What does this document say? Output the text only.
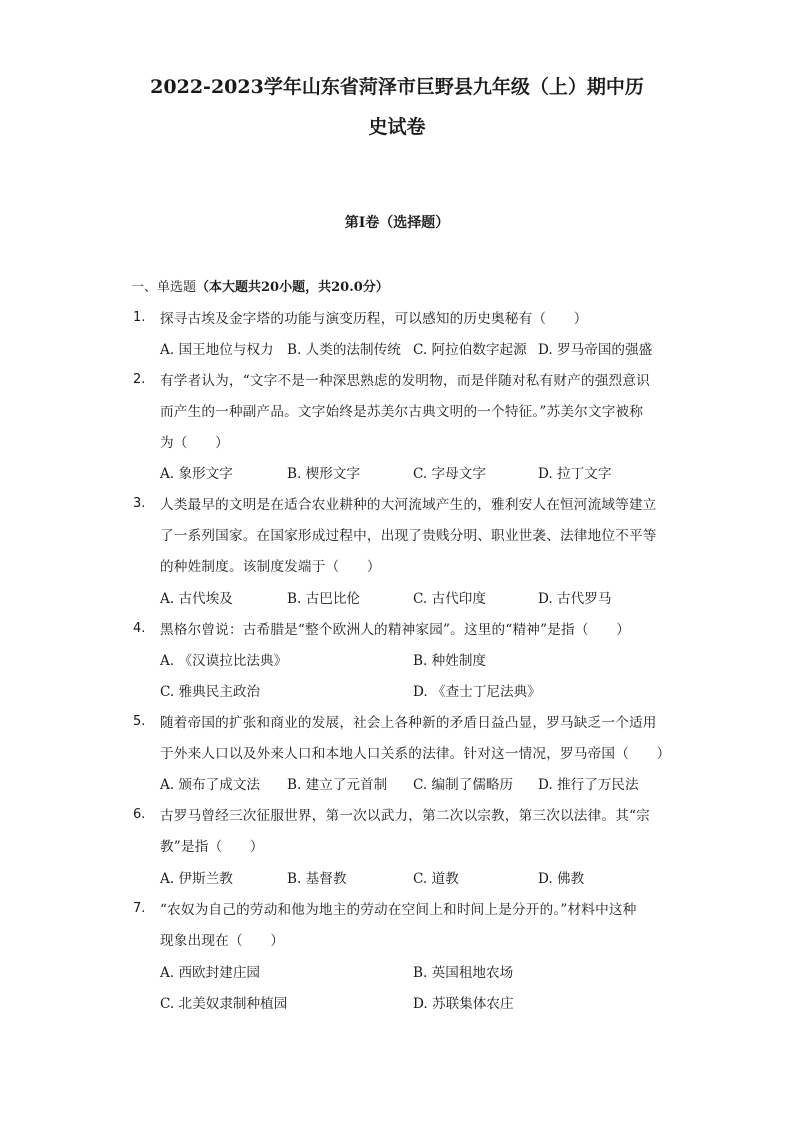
2022-2023学年山东省菏泽市巨野县九年级（上）期中历
史试卷
第I卷（选择题）
一、单选题（本大题共20小题，共20.0分）
1. 探寻古埃及金字塔的功能与演变历程，可以感知的历史奥秘有（　　）
A. 国王地位与权力 B. 人类的法制传统 C. 阿拉伯数字起源 D. 罗马帝国的强盛
2. 有学者认为，“文字不是一种深思熟虑的发明物，而是伴随对私有财产的强烈意识
而产生的一种副产品。文字始终是苏美尔古典文明的一个特征。”苏美尔文字被称
为（　　）
A. 象形文字	B. 楔形文字	C. 字母文字	D. 拉丁文字
3. 人类最早的文明是在适合农业耕种的大河流域产生的，雅利安人在恒河流域等建立
了一系列国家。在国家形成过程中，出现了贵贱分明、职业世袭、法律地位不平等
的种姓制度。该制度发端于（　　）
A. 古代埃及	B. 古巴比伦	C. 古代印度	D. 古代罗马
4. 黑格尔曾说：古希腊是“整个欧洲人的精神家园”。这里的“精神”是指（　　）
A. 《汉谟拉比法典》	B. 种姓制度
C. 雅典民主政治	D. 《查士丁尼法典》
5. 随着帝国的扩张和商业的发展，社会上各种新的矛盾日益凸显，罗马缺乏一个适用
于外来人口以及外来人口和本地人口关系的法律。针对这一情况，罗马帝国（　　）
A. 颁布了成文法 B. 建立了元首制 C. 编制了儒略历 D. 推行了万民法
6. 古罗马曾经三次征服世界，第一次以武力，第二次以宗教，第三次以法律。其“宗
教”是指（　　）
A. 伊斯兰教	B. 基督教	C. 道教	D. 佛教
7. “农奴为自己的劳动和他为地主的劳动在空间上和时间上是分开的。”材料中这种
现象出现在（　　）
A. 西欧封建庄园	B. 英国租地农场
C. 北美奴隶制种植园	D. 苏联集体农庄
